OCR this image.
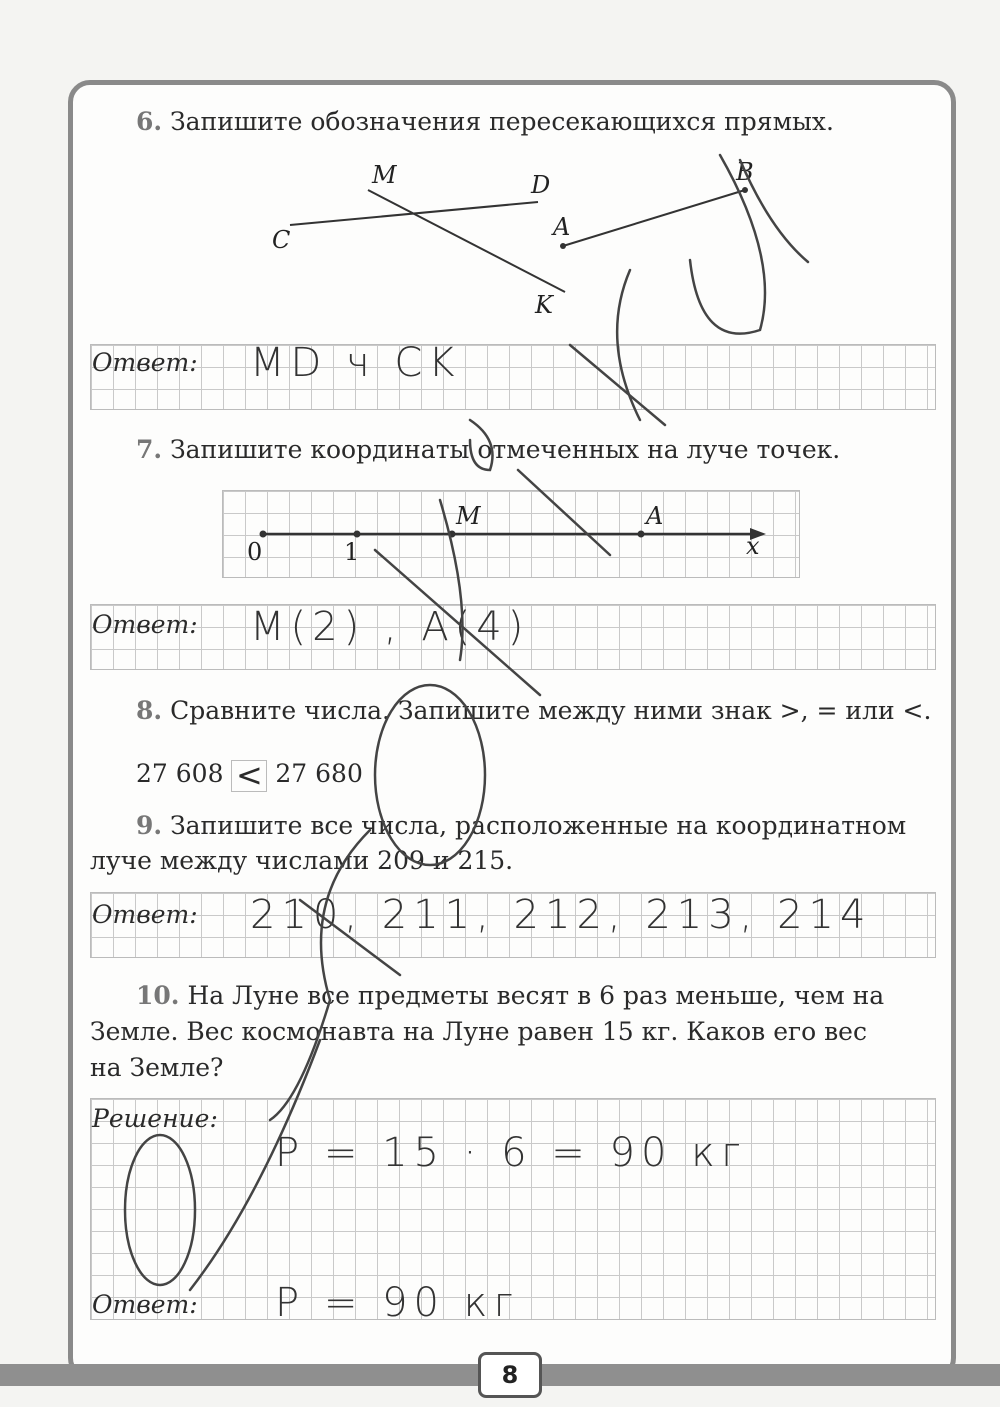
6. Запишите обозначения пересекающихся прямых.
M	D
C
K
A
B
Ответ: MD ч CK
7. Запишите координаты отмеченных на луче точек.
0	1
M	A
x
Ответ: M(2) , A(4)
8. Сравните числа. Запишите между ними знак >, = или <.
27 608 < 27 680
9. Запишите все числа, расположенные на координатном
луче между числами 209 и 215.
Ответ: 210, 211, 212, 213, 214
10. На Луне все предметы весят в 6 раз меньше, чем на
Земле. Вес космонавта на Луне равен 15 кг. Каков его вес
на Земле?
Решение:
P = 15 · 6 = 90 кг
Ответ: P = 90 кг
8
